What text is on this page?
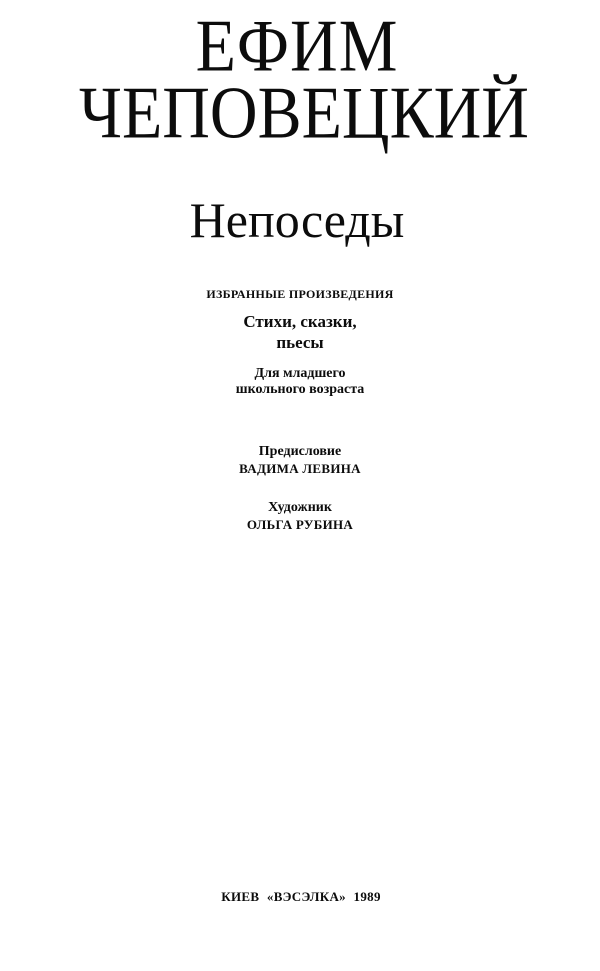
ЕФИМ
ЧЕПОВЕЦКИЙ
Непоседы
ИЗБРАННЫЕ ПРОИЗВЕДЕНИЯ
Стихи, сказки,
пьесы
Для младшего
школьного возраста
Предисловие
ВАДИМА ЛЕВИНА
Художник
ОЛЬГА РУБИНА
КИЕВ «ВЭСЭЛКА» 1989
